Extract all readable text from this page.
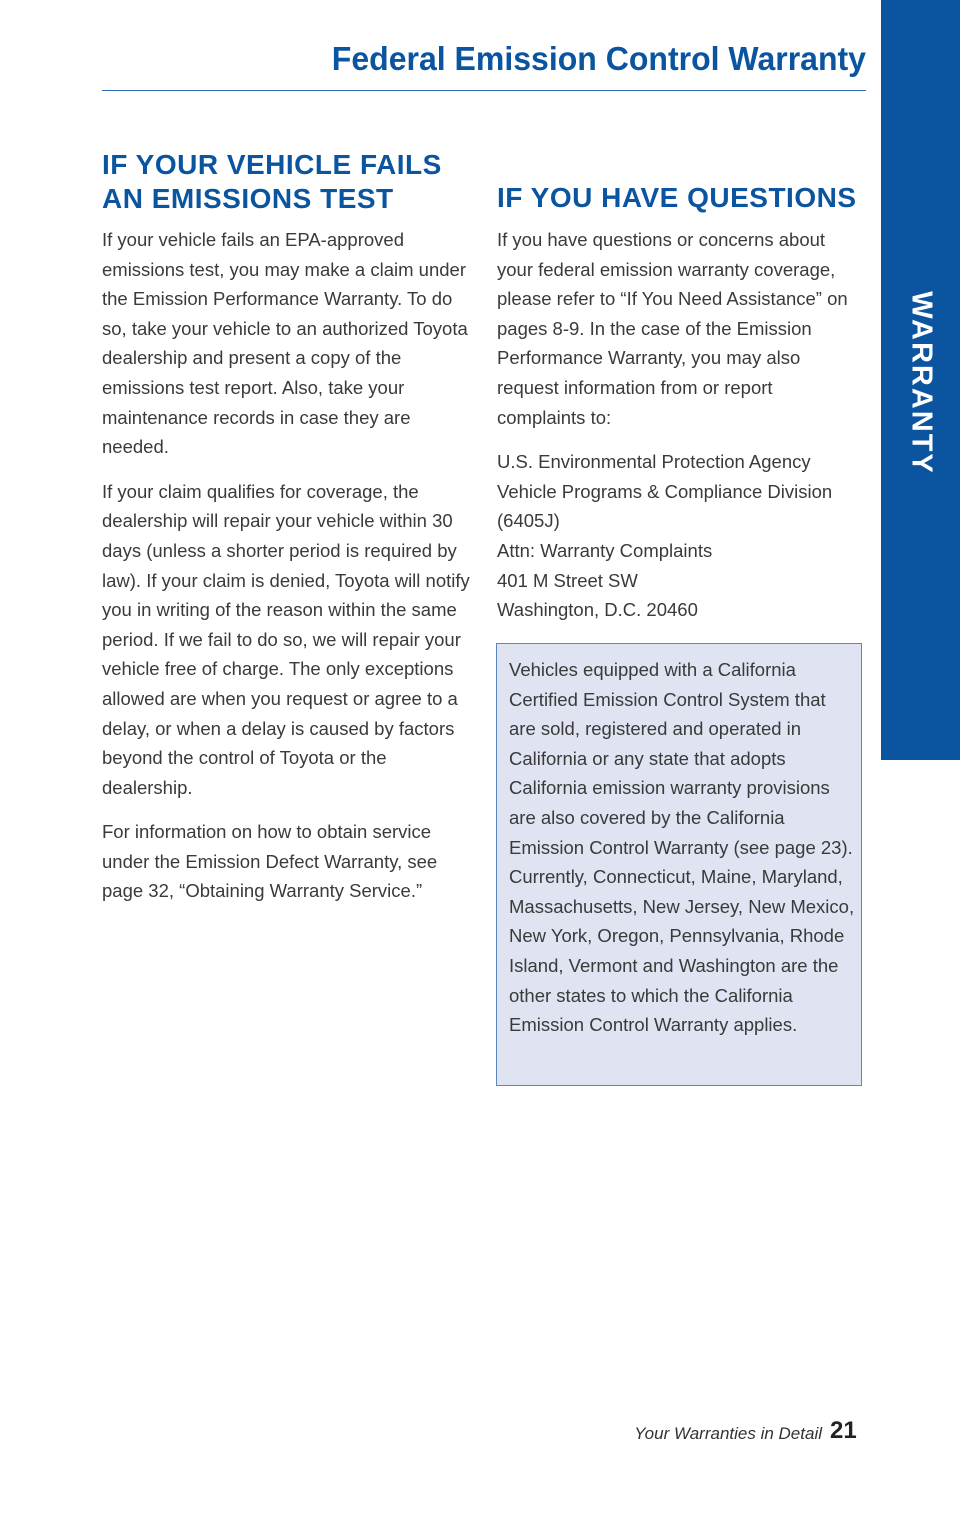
WARRANTY
Federal Emission Control Warranty
IF YOUR VEHICLE FAILS
AN EMISSIONS TEST

If your vehicle fails an EPA-approved emissions test, you may make a claim under the Emission Performance Warranty. To do so, take your vehicle to an authorized Toyota dealership and present a copy of the emissions test report. Also, take your maintenance records in case they are needed.

If your claim qualifies for coverage, the dealership will repair your vehicle within 30 days (unless a shorter period is required by law). If your claim is denied, Toyota will notify you in writing of the reason within the same period. If we fail to do so, we will repair your vehicle free of charge. The only exceptions allowed are when you request or agree to a delay, or when a delay is caused by factors beyond the control of Toyota or the dealership.

For information on how to obtain service under the Emission Defect Warranty, see page 32, “Obtaining Warranty Service.”

IF YOU HAVE QUESTIONS

If you have questions or concerns about your federal emission warranty coverage, please refer to “If You Need Assistance” on pages 8-9. In the case of the Emission Performance Warranty, you may also request information from or report complaints to:

U.S. Environmental Protection Agency
Vehicle Programs & Compliance Division
(6405J)
Attn: Warranty Complaints
401 M Street SW
Washington, D.C. 20460

Vehicles equipped with a California Certified Emission Control System that are sold, registered and operated in California or any state that adopts California emission warranty provisions are also covered by the California Emission Control Warranty (see page 23). Currently, Connecticut, Maine, Maryland, Massachusetts, New Jersey, New Mexico, New York, Oregon, Pennsylvania, Rhode Island, Vermont and Washington are the other states to which the California Emission Control Warranty applies.

Your Warranties in Detail 21
